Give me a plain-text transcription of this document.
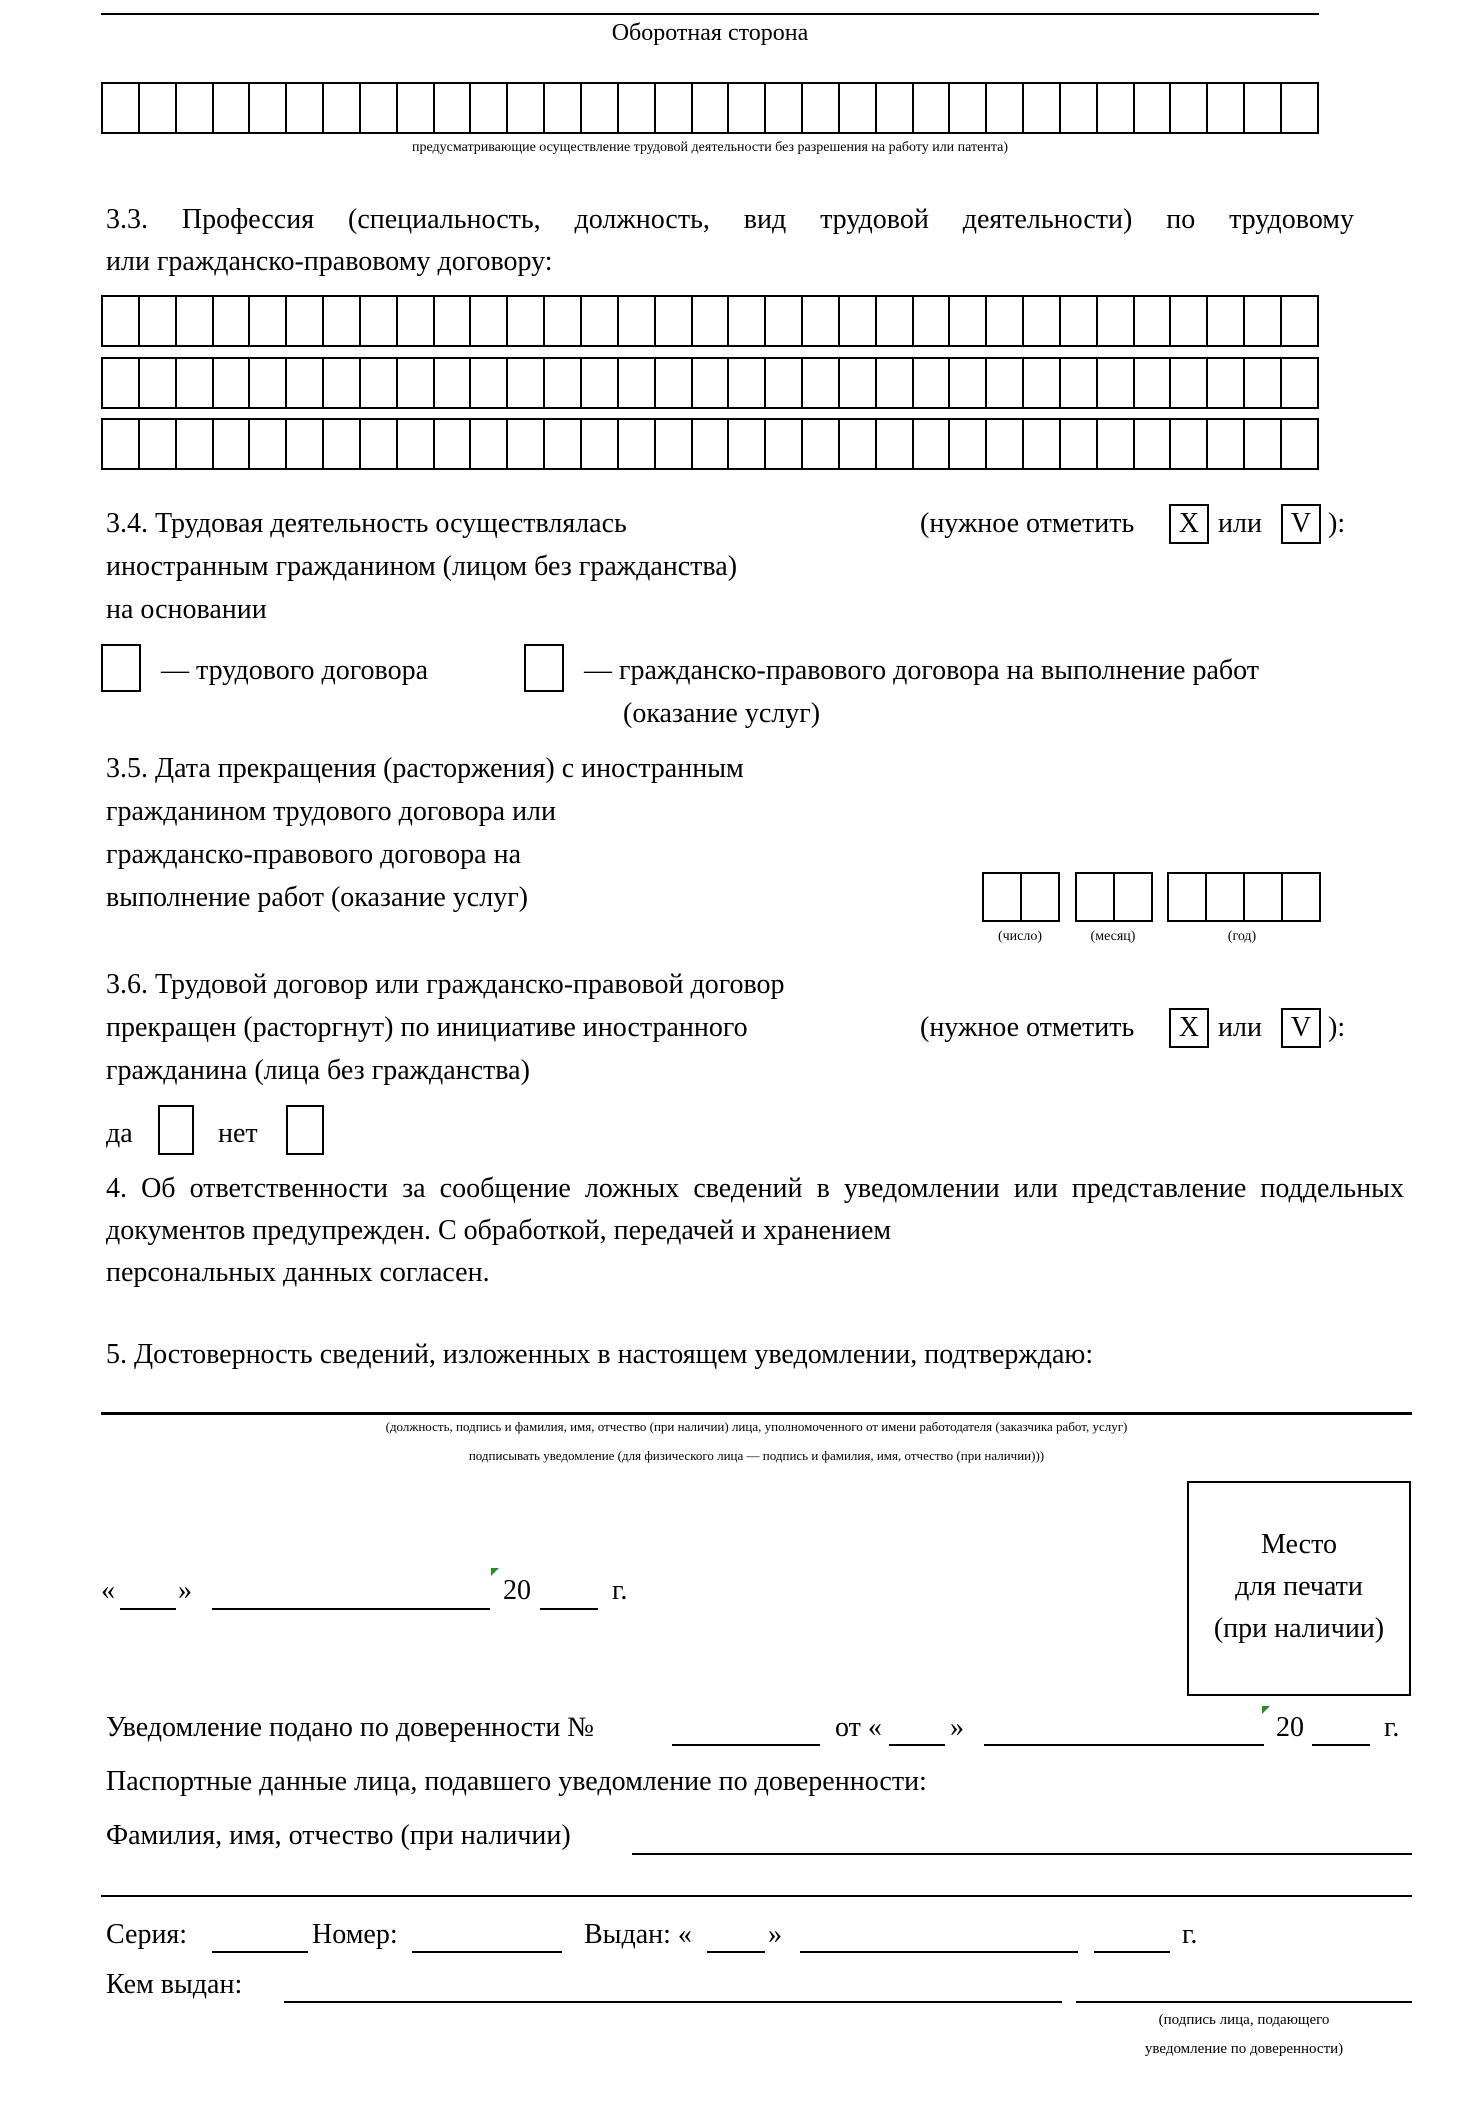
Оборотная сторона
предусматривающие осуществление трудовой деятельности без разрешения на работу или патента)
3.3. Профессия (специальность, должность, вид трудовой деятельности) по трудовому
или гражданско-правовому договору:
3.4. Трудовая деятельность осуществлялась
иностранным гражданином (лицом без гражданства)
на основании
(нужное отметить	X или	V ):
— трудового договора	— гражданско-правового договора на выполнение работ
(оказание услуг)
3.5. Дата прекращения (расторжения) с иностранным
гражданином трудового договора или
гражданско-правового договора на
выполнение работ (оказание услуг)
(число)	(месяц)	(год)
3.6. Трудовой договор или гражданско-правовой договор
прекращен (расторгнут) по инициативе иностранного
гражданина (лица без гражданства)
(нужное отметить	X или	V ):
да	нет
4. Об ответственности за сообщение ложных сведений в уведомлении или представление поддельных документов предупрежден. С обработкой, передачей и хранением
персональных данных согласен.
5. Достоверность сведений, изложенных в настоящем уведомлении, подтверждаю:
(должность, подпись и фамилия, имя, отчество (при наличии) лица, уполномоченного от имени работодателя (заказчика работ, услуг)
подписывать уведомление (для физического лица — подпись и фамилия, имя, отчество (при наличии)))
« »	20	г.
Место
для печати
(при наличии)
Уведомление подано по доверенности №	от « »	20	г.
Паспортные данные лица, подавшего уведомление по доверенности:
Фамилия, имя, отчество (при наличии)
Серия:	Номер:	Выдан: «	»	г.
Кем выдан:
(подпись лица, подающего
уведомление по доверенности)
